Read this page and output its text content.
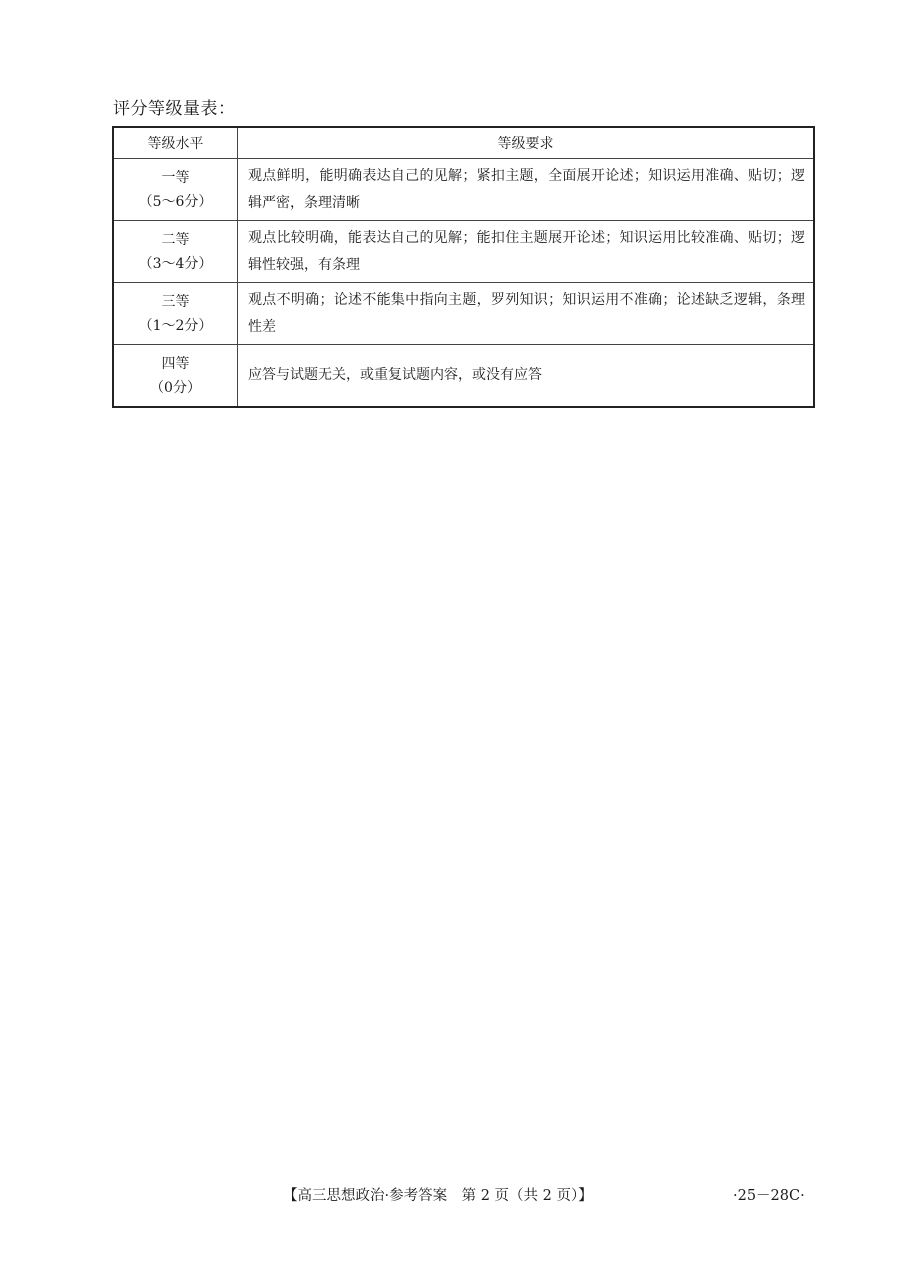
评分等级量表：
等级水平	等级要求

一等
（5～6分）	观点鲜明，能明确表达自己的见解；紧扣主题，全面展开论述；知识运用准确、贴切；逻辑严密，条理清晰

二等
（3～4分）	观点比较明确，能表达自己的见解；能扣住主题展开论述；知识运用比较准确、贴切；逻辑性较强，有条理

三等
（1～2分）	观点不明确；论述不能集中指向主题，罗列知识；知识运用不准确；论述缺乏逻辑，条理性差

四等
（0分）	应答与试题无关，或重复试题内容，或没有应答
【高三思想政治·参考答案　第 2 页（共 2 页）】	·25－28C·
